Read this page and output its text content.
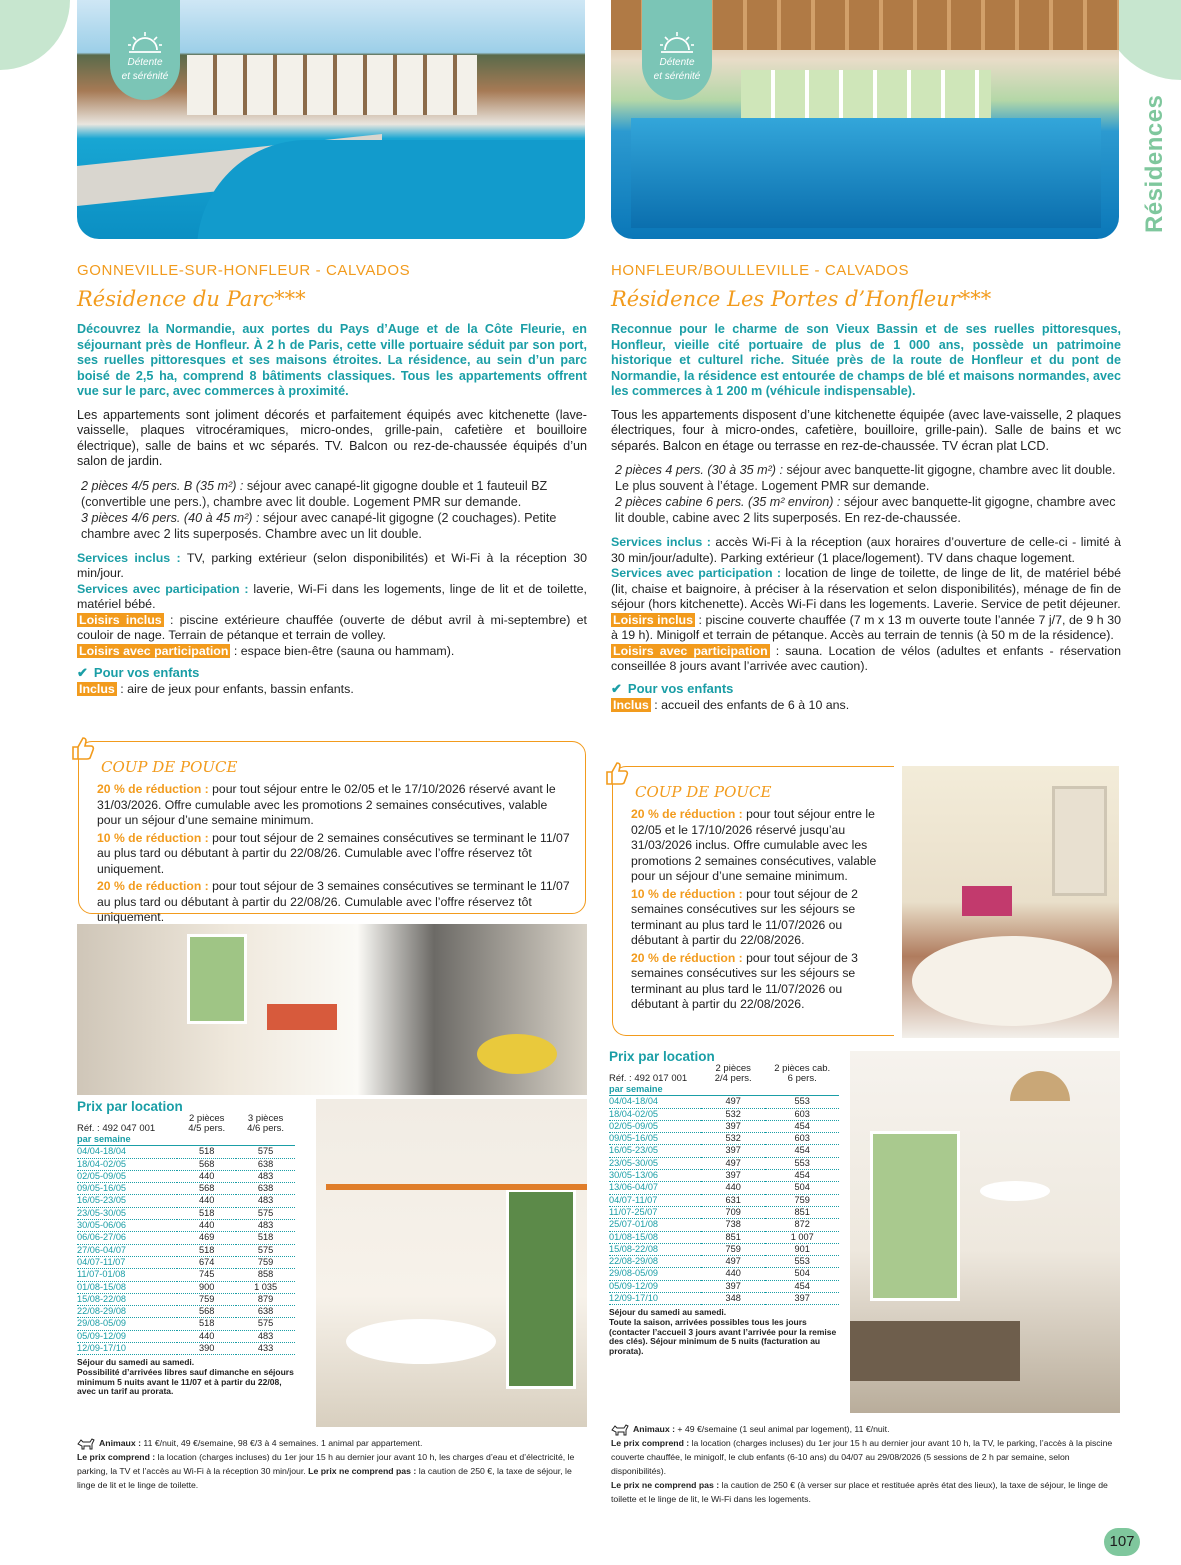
Résidences
Détente
et sérénité
Détente
et sérénité
GONNEVILLE-SUR-HONFLEUR - CALVADOS
Résidence du Parc***
Découvrez la Normandie, aux portes du Pays d’Auge et de la Côte Fleurie, en séjournant près de Honfleur. À 2 h de Paris, cette ville portuaire séduit par son port, ses ruelles pittoresques et ses maisons étroites. La résidence, au sein d’un parc boisé de 2,5 ha, comprend 8 bâtiments classiques. Tous les appartements offrent vue sur le parc, avec commerces à proximité.
Les appartements sont joliment décorés et parfaitement équipés avec kitchenette (lave-vaisselle, plaques vitrocéramiques, micro-ondes, grille-pain, cafetière et bouilloire électrique), salle de bains et wc séparés. TV. Balcon ou rez-de-chaussée équipés d’un salon de jardin.
2 pièces 4/5 pers. B (35 m²) : séjour avec canapé-lit gigogne double et 1 fauteuil BZ (convertible une pers.), chambre avec lit double. Logement PMR sur demande.
3 pièces 4/6 pers. (40 à 45 m²) : séjour avec canapé-lit gigogne (2 couchages). Petite chambre avec 2 lits superposés. Chambre avec un lit double.
Services inclus : TV, parking extérieur (selon disponibilités) et Wi-Fi à la réception 30 min/jour.
Services avec participation : laverie, Wi-Fi dans les logements, linge de lit et de toilette, matériel bébé.
Loisirs inclus : piscine extérieure chauffée (ouverte de début avril à mi-septembre) et couloir de nage. Terrain de pétanque et terrain de volley.
Loisirs avec participation : espace bien-être (sauna ou hammam).
✔ Pour vos enfants
Inclus : aire de jeux pour enfants, bassin enfants.
COUP DE POUCE

20 % de réduction : pour tout séjour entre le 02/05 et le 17/10/2026 réservé avant le 31/03/2026. Offre cumulable avec les promotions 2 semaines consécutives, valable pour un séjour d’une semaine minimum.

10 % de réduction : pour tout séjour de 2 semaines consécutives se terminant le 11/07 au plus tard ou débutant à partir du 22/08/26. Cumulable avec l’offre réservez tôt uniquement.

20 % de réduction : pour tout séjour de 3 semaines consécutives se terminant le 11/07 au plus tard ou débutant à partir du 22/08/26. Cumulable avec l’offre réservez tôt uniquement.

Prix par location
Réf. : 492 047 001	2 pièces
4/5 pers.	3 pièces
4/6 pers.
par semaine		
04/04-18/04	518	575
18/04-02/05	568	638
02/05-09/05	440	483
09/05-16/05	568	638
16/05-23/05	440	483
23/05-30/05	518	575
30/05-06/06	440	483
06/06-27/06	469	518
27/06-04/07	518	575
04/07-11/07	674	759
11/07-01/08	745	858
01/08-15/08	900	1 035
15/08-22/08	759	879
22/08-29/08	568	638
29/08-05/09	518	575
05/09-12/09	440	483
12/09-17/10	390	433
Séjour du samedi au samedi.
Possibilité d’arrivées libres sauf dimanche en séjours minimum 5 nuits avant le 11/07 et à partir du 22/08, avec un tarif au prorata.
Animaux : 11 €/nuit, 49 €/semaine, 98 €/3 à 4 semaines. 1 animal par appartement.
Le prix comprend : la location (charges incluses) du 1er jour 15 h au dernier jour avant 10 h, les charges d’eau et d’électricité, le parking, la TV et l’accès au Wi-Fi à la réception 30 min/jour. Le prix ne comprend pas : la caution de 250 €, la taxe de séjour, le linge de lit et le linge de toilette.
HONFLEUR/BOULLEVILLE - CALVADOS
Résidence Les Portes d’Honfleur***
Reconnue pour le charme de son Vieux Bassin et de ses ruelles pittoresques, Honfleur, vieille cité portuaire de plus de 1 000 ans, possède un patrimoine historique et culturel riche. Située près de la route de Honfleur et du pont de Normandie, la résidence est entourée de champs de blé et maisons normandes, avec les commerces à 1 200 m (véhicule indispensable).
Tous les appartements disposent d’une kitchenette équipée (avec lave-vaisselle, 2 plaques électriques, four à micro-ondes, cafetière, bouilloire, grille-pain). Salle de bains et wc séparés. Balcon en étage ou terrasse en rez-de-chaussée. TV écran plat LCD.
2 pièces 4 pers. (30 à 35 m²) : séjour avec banquette-lit gigogne, chambre avec lit double. Le plus souvent à l’étage. Logement PMR sur demande.
2 pièces cabine 6 pers. (35 m² environ) : séjour avec banquette-lit gigogne, chambre avec lit double, cabine avec 2 lits superposés. En rez-de-chaussée.
Services inclus : accès Wi-Fi à la réception (aux horaires d’ouverture de celle-ci - limité à 30 min/jour/adulte). Parking extérieur (1 place/logement). TV dans chaque logement.
Services avec participation : location de linge de toilette, de linge de lit, de matériel bébé (lit, chaise et baignoire, à préciser à la réservation et selon disponibilités), ménage de fin de séjour (hors kitchenette). Accès Wi-Fi dans les logements. Laverie. Service de petit déjeuner.
Loisirs inclus : piscine couverte chauffée (7 m x 13 m ouverte toute l’année 7 j/7, de 9 h 30 à 19 h). Minigolf et terrain de pétanque. Accès au terrain de tennis (à 50 m de la résidence).
Loisirs avec participation : sauna. Location de vélos (adultes et enfants - réservation conseillée 8 jours avant l’arrivée avec caution).
✔ Pour vos enfants
Inclus : accueil des enfants de 6 à 10 ans.
COUP DE POUCE

20 % de réduction : pour tout séjour entre le 02/05 et le 17/10/2026 réservé jusqu’au 31/03/2026 inclus. Offre cumulable avec les promotions 2 semaines consécutives, valable pour un séjour d’une semaine minimum.

10 % de réduction : pour tout séjour de 2 semaines consécutives sur les séjours se terminant au plus tard le 11/07/2026 ou débutant à partir du 22/08/2026.

20 % de réduction : pour tout séjour de 3 semaines consécutives sur les séjours se terminant au plus tard le 11/07/2026 ou débutant à partir du 22/08/2026.

Prix par location
Réf. : 492 017 001	2 pièces
2/4 pers.	2 pièces cab.
6 pers.
par semaine		
04/04-18/04	497	553
18/04-02/05	532	603
02/05-09/05	397	454
09/05-16/05	532	603
16/05-23/05	397	454
23/05-30/05	497	553
30/05-13/06	397	454
13/06-04/07	440	504
04/07-11/07	631	759
11/07-25/07	709	851
25/07-01/08	738	872
01/08-15/08	851	1 007
15/08-22/08	759	901
22/08-29/08	497	553
29/08-05/09	440	504
05/09-12/09	397	454
12/09-17/10	348	397
Séjour du samedi au samedi.
Toute la saison, arrivées possibles tous les jours (contacter l’accueil 3 jours avant l’arrivée pour la remise des clés). Séjour minimum de 5 nuits (facturation au prorata).
Animaux : + 49 €/semaine (1 seul animal par logement), 11 €/nuit.
Le prix comprend : la location (charges incluses) du 1er jour 15 h au dernier jour avant 10 h, la TV, le parking, l’accès à la piscine couverte chauffée, le minigolf, le club enfants (6-10 ans) du 04/07 au 29/08/2026 (5 sessions de 2 h par semaine, selon disponibilités).
Le prix ne comprend pas : la caution de 250 € (à verser sur place et restituée après état des lieux), la taxe de séjour, le linge de toilette et le linge de lit, le Wi-Fi dans les logements.
107
